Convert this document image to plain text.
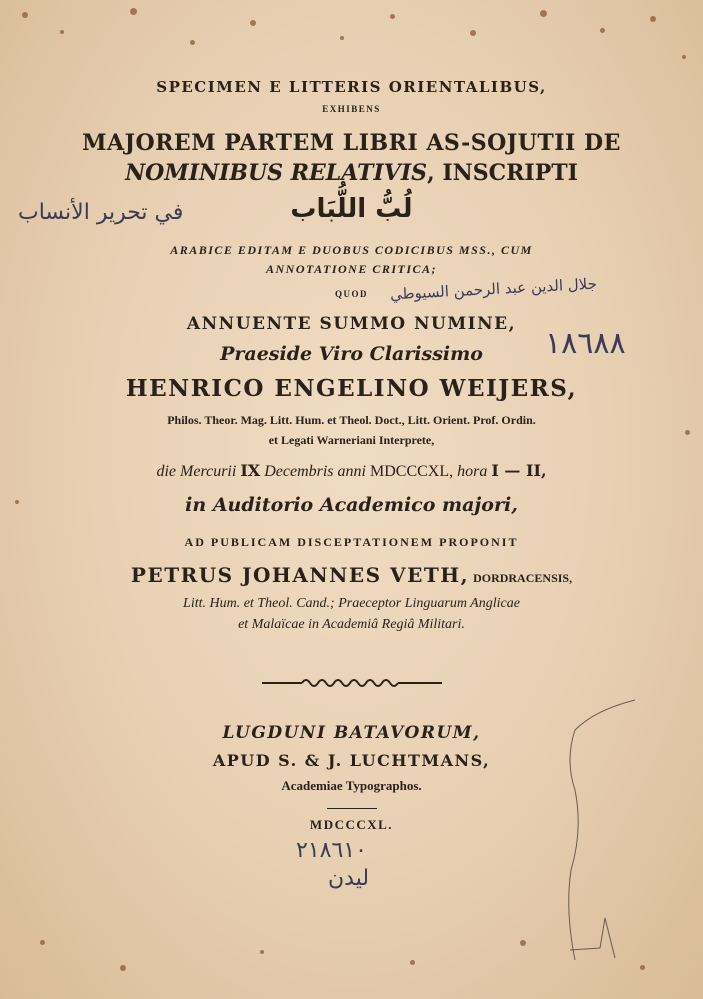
SPECIMEN E LITTERIS ORIENTALIBUS,
EXHIBENS
MAJOREM PARTEM LIBRI AS-SOJUTII DE
NOMINIBUS RELATIVIS, INSCRIPTI
لُبُّ اللُّبَاب
ARABICE EDITAM E DUOBUS CODICIBUS MSS., CUM
ANNOTATIONE CRITICA;
QUOD
ANNUENTE SUMMO NUMINE,
Praeside Viro Clarissimo
HENRICO ENGELINO WEIJERS,
Philos. Theor. Mag. Litt. Hum. et Theol. Doct., Litt. Orient. Prof. Ordin.
et Legati Warneriani Interprete,
die Mercurii IX Decembris anni MDCCCXL, hora I — II,
in Auditorio Academico majori,
AD PUBLICAM DISCEPTATIONEM PROPONIT
PETRUS JOHANNES VETH, DORDRACENSIS,
Litt. Hum. et Theol. Cand.; Praeceptor Linguarum Anglicae
et Malaïcae in Academiâ Regiâ Militari.
LUGDUNI BATAVORUM,
APUD S. & J. LUCHTMANS,
Academiae Typographos.
MDCCCXL.
في تحرير الأنساب
جلال الدين عبد الرحمن السيوطي
١٨٦٨٨
٢١٨٦١٠
ليدن
